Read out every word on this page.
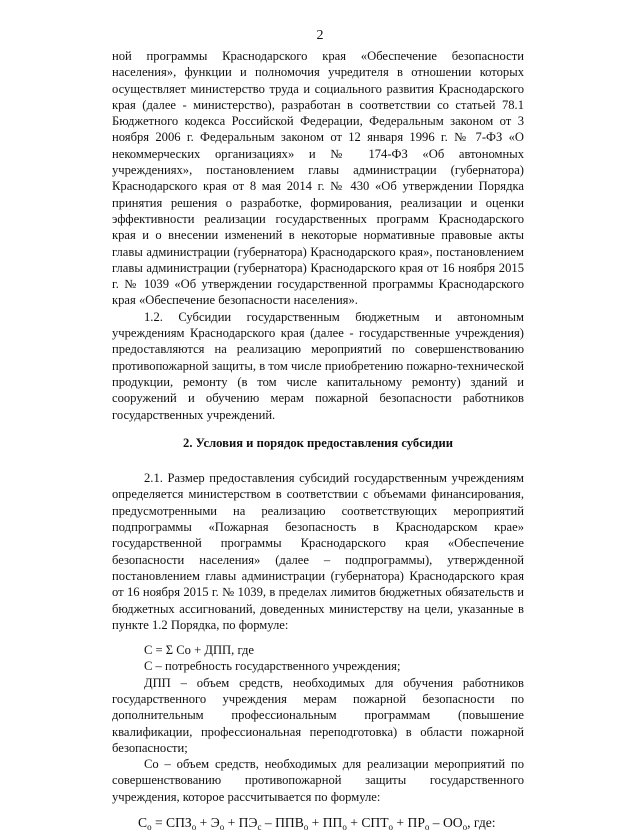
2

ной программы Краснодарского края «Обеспечение безопасности населения», функции и полномочия учредителя в отношении которых осуществляет министерство труда и социального развития Краснодарского края (далее - министерство), разработан в соответствии со статьей 78.1 Бюджетного кодекса Российской Федерации, Федеральным законом от 3 ноября 2006 г. Федеральным законом от 12 января 1996 г. № 7-ФЗ «О некоммерческих организациях» и № 174-ФЗ «Об автономных учреждениях», постановлением главы администрации (губернатора) Краснодарского края от 8 мая 2014 г. № 430 «Об утверждении Порядка принятия решения о разработке, формирования, реализации и оценки эффективности реализации государственных программ Краснодарского края и о внесении изменений в некоторые нормативные правовые акты главы администрации (губернатора) Краснодарского края», постановлением главы администрации (губернатора) Краснодарского края от 16 ноября 2015 г. № 1039 «Об утверждении государственной программы Краснодарского края «Обеспечение безопасности населения».

1.2. Субсидии государственным бюджетным и автономным учреждениям Краснодарского края (далее - государственные учреждения) предоставляются на реализацию мероприятий по совершенствованию противопожарной защиты, в том числе приобретению пожарно-технической продукции, ремонту (в том числе капитальному ремонту) зданий и сооружений и обучению мерам пожарной безопасности работников государственных учреждений.

2. Условия и порядок предоставления субсидии

2.1. Размер предоставления субсидий государственным учреждениям определяется министерством в соответствии с объемами финансирования, предусмотренными на реализацию соответствующих мероприятий подпрограммы «Пожарная безопасность в Краснодарском крае» государственной программы Краснодарского края «Обеспечение безопасности населения» (далее – подпрограммы), утвержденной постановлением главы администрации (губернатора) Краснодарского края от 16 ноября 2015 г. № 1039, в пределах лимитов бюджетных обязательств и бюджетных ассигнований, доведенных министерству на цели, указанные в пункте 1.2 Порядка, по формуле:

С = Σ Со + ДПП, где

С – потребность государственного учреждения;

ДПП – объем средств, необходимых для обучения работников государственного учреждения мерам пожарной безопасности по дополнительным профессиональным программам (повышение квалификации, профессиональная переподготовка) в области пожарной безопасности;

Со – объем средств, необходимых для реализации мероприятий по совершенствованию противопожарной защиты государственного учреждения, которое рассчитывается по формуле:

$С_о = СПЗ_о + Э_о + ПЭ_с - ППВ_о + ПП_о + СПТ_о + ПР_о - ОО_о$, где:
